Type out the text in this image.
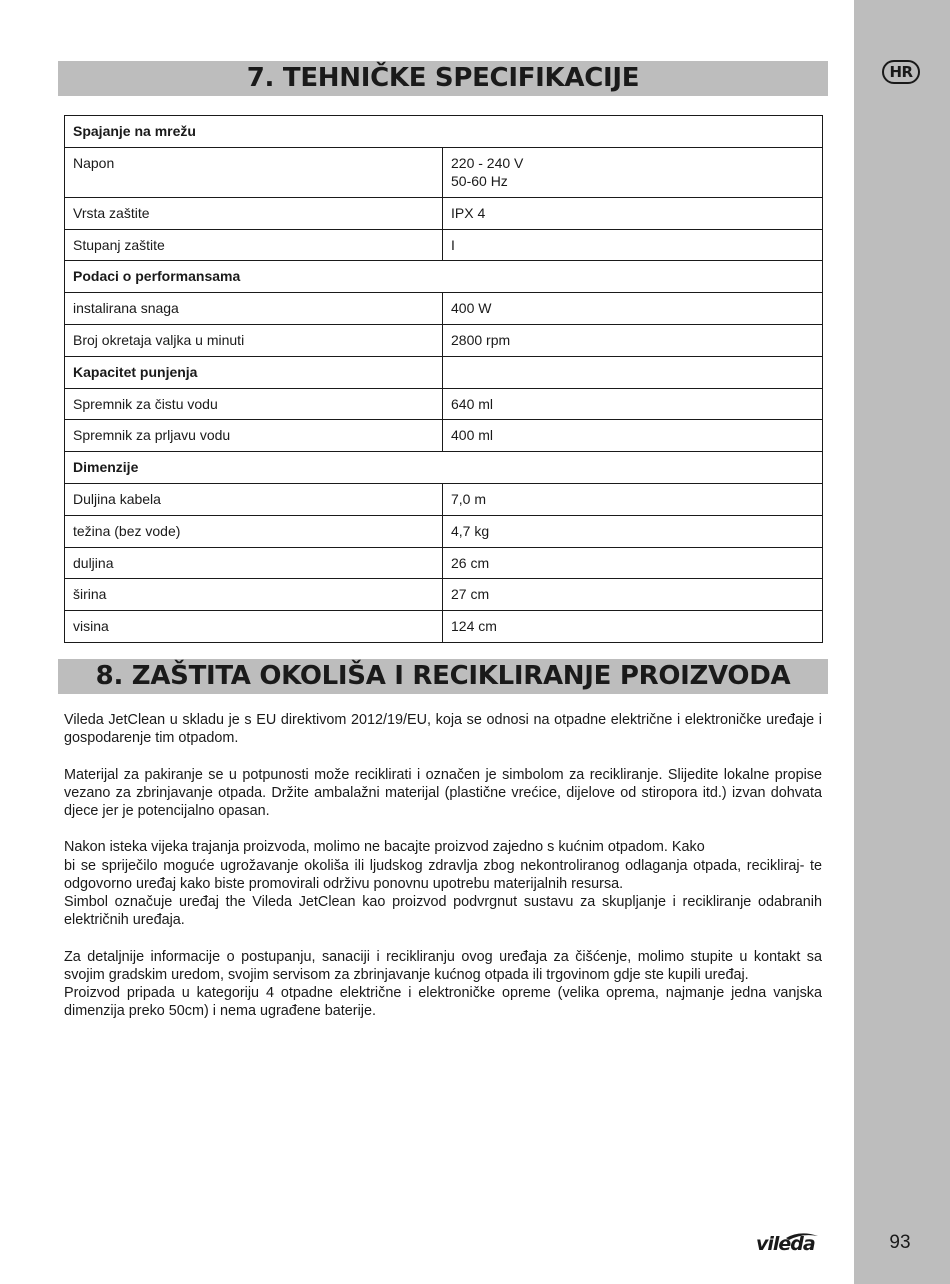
HR
93
7. TEHNIČKE SPECIFIKACIJE
Spajanje na mrežu	
Napon	220 - 240 V
50-60 Hz

Vrsta zaštite	IPX 4
Stupanj zaštite	I
Podaci o performansama	
instalirana snaga	400 W
Broj okretaja valjka u minuti	2800 rpm
Kapacitet punjenja	
Spremnik za čistu vodu	640 ml
Spremnik za prljavu vodu	400 ml
Dimenzije	
Duljina kabela	7,0 m
težina (bez vode)	4,7 kg
duljina	26 cm
širina	27 cm
visina	124 cm
8. ZAŠTITA OKOLIŠA I RECIKLIRANJE PROIZVODA

Vileda JetClean u skladu je s EU direktivom 2012/19/EU, koja se odnosi na otpadne električne i elektroničke uređaje i gospodarenje tim otpadom.

Materijal za pakiranje se u potpunosti može reciklirati i označen je simbolom za recikliranje. Slijedite lokalne propise vezano za zbrinjavanje otpada. Držite ambalažni materijal (plastične vrećice, dijelove od stiropora itd.) izvan dohvata djece jer je potencijalno opasan.

Nakon isteka vijeka trajanja proizvoda, molimo ne bacajte proizvod zajedno s kućnim otpadom. Kako
bi se spriječilo moguće ugrožavanje okoliša ili ljudskog zdravlja zbog nekontroliranog odlaganja otpada, recikliraj- te odgovorno uređaj kako biste promovirali održivu ponovnu upotrebu materijalnih resursa.
Simbol označuje uređaj the Vileda JetClean kao proizvod podvrgnut sustavu za skupljanje i recikliranje odabranih električnih uređaja.

Za detaljnije informacije o postupanju, sanaciji i recikliranju ovog uređaja za čišćenje, molimo stupite u kontakt sa svojim gradskim uredom, svojim servisom za zbrinjavanje kućnog otpada ili trgovinom gdje ste kupili uređaj.
Proizvod pripada u kategoriju 4 otpadne električne i elektroničke opreme (velika oprema, najmanje jedna vanjska dimenzija preko 50cm) i nema ugrađene baterije.

vileda
